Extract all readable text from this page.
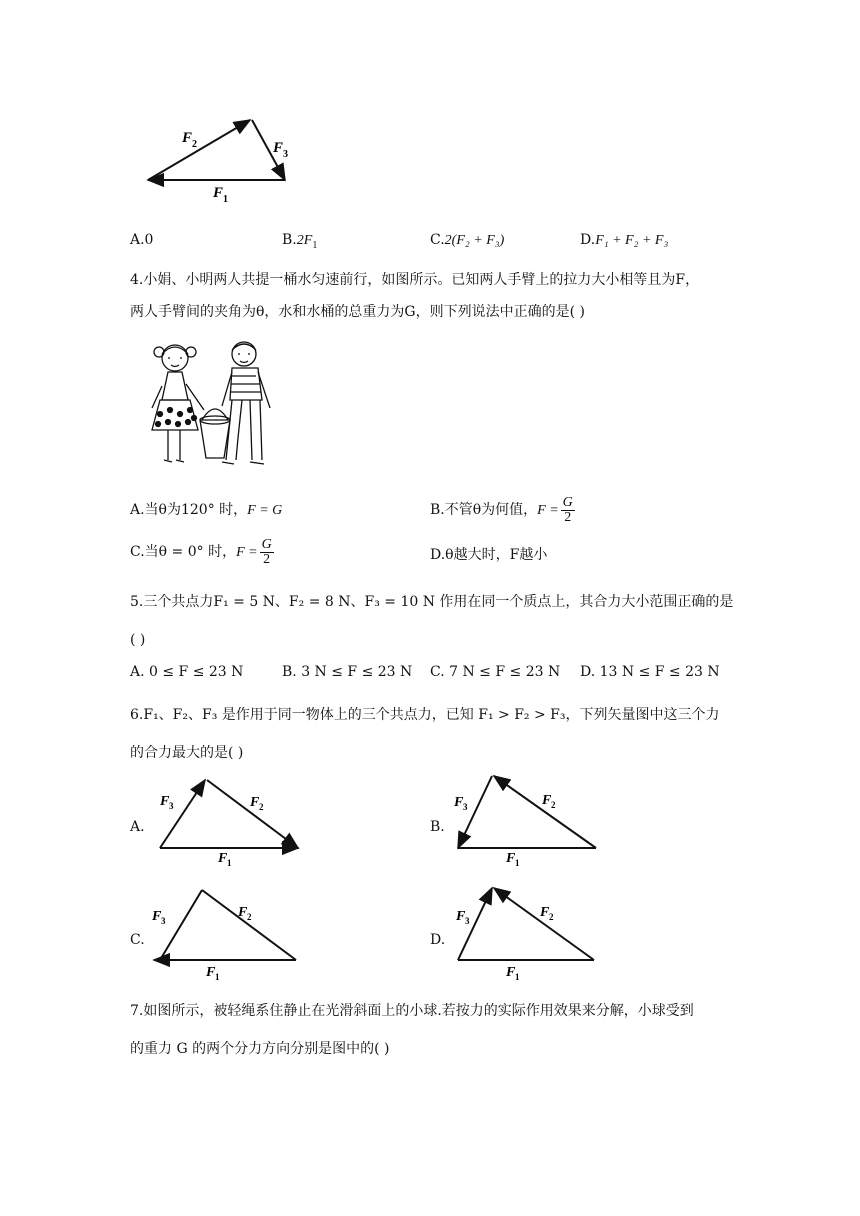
F 2	F 3
F 1
A.0	$B.2F_1$	C.2(F₂ + F₃)	D.F₁ + F₂ + F₃
4.小娟、小明两人共提一桶水匀速前行，如图所示。已知两人手臂上的拉力大小相等且为F，
两人手臂间的夹角为θ，水和水桶的总重力为G，则下列说法中正确的是( )
A.当θ为120° 时，F = G	B.不管θ为何值，$F = \frac{G}{2}$
C.当θ = 0° 时，$F = \frac{G}{2}$	D.θ越大时，F越小
5.三个共点力F₁ = 5 N、F₂ = 8 N、F₃ = 10 N 作用在同一个质点上，其合力大小范围正确的是
( )
A. 0 ≤ F ≤ 23 N	B. 3 N ≤ F ≤ 23 N C. 7 N ≤ F ≤ 23 N D. 13 N ≤ F ≤ 23 N
6.F₁、F₂、F₃ 是作用于同一物体上的三个共点力，已知 F₁ > F₂ > F₃，下列矢量图中这三个力
的合力最大的是( )
A.
F 3	F 2
F 1
B.
F 3	F 2
F 1
C.
F 3
F 2
F 1
D.
F 3
F 2
F 1
7.如图所示，被轻绳系住静止在光滑斜面上的小球.若按力的实际作用效果来分解，小球受到
的重力 G 的两个分力方向分别是图中的( )
